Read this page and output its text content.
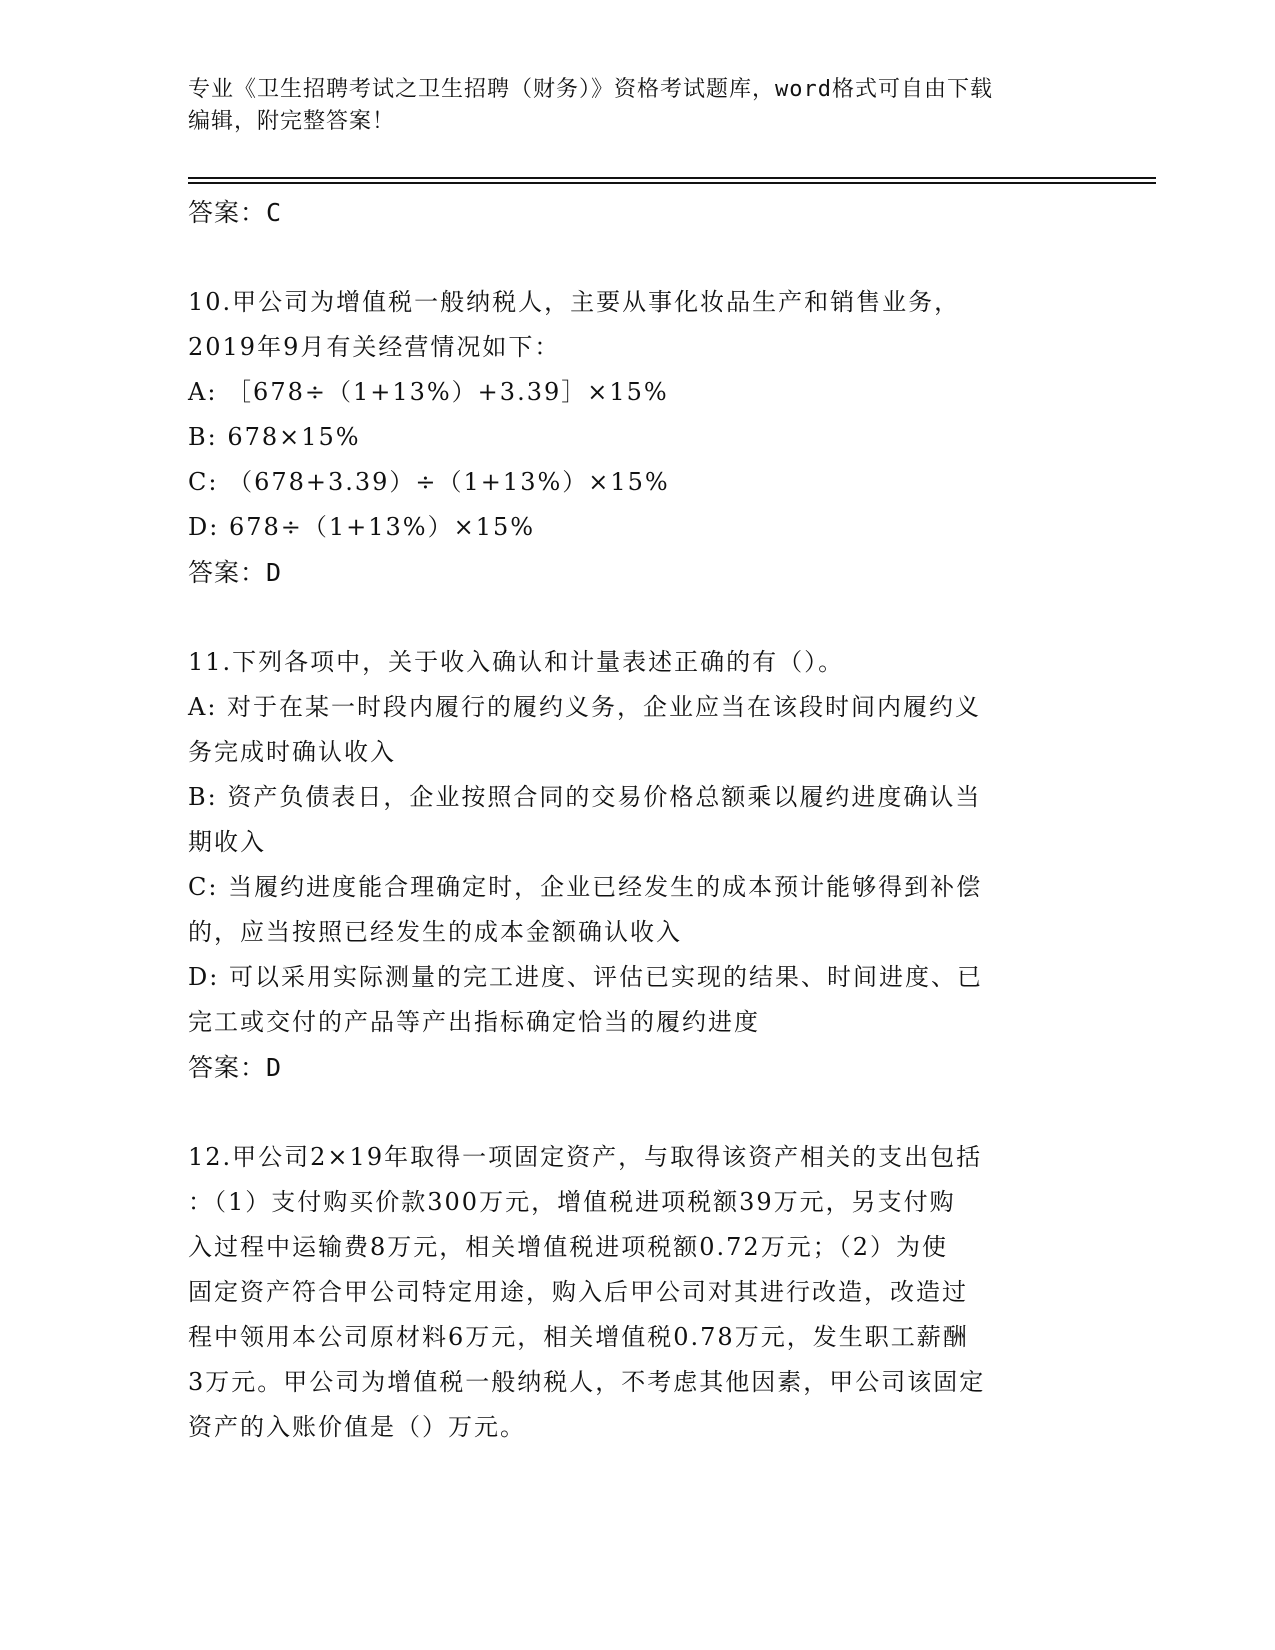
专业《卫生招聘考试之卫生招聘（财务）》资格考试题库，word格式可自由下载
编辑，附完整答案！
答案：C
10.甲公司为增值税一般纳税人，主要从事化妆品生产和销售业务，
2019年9月有关经营情况如下：
A: ［678÷（1+13%）+3.39］×15%
B: 678×15%
C: （678+3.39）÷（1+13%）×15%
D: 678÷（1+13%）×15%
答案：D
11.下列各项中，关于收入确认和计量表述正确的有（）。
A: 对于在某一时段内履行的履约义务，企业应当在该段时间内履约义
务完成时确认收入
B: 资产负债表日，企业按照合同的交易价格总额乘以履约进度确认当
期收入
C: 当履约进度能合理确定时，企业已经发生的成本预计能够得到补偿
的，应当按照已经发生的成本金额确认收入
D: 可以采用实际测量的完工进度、评估已实现的结果、时间进度、已
完工或交付的产品等产出指标确定恰当的履约进度
答案：D
12.甲公司2×19年取得一项固定资产，与取得该资产相关的支出包括
：（1）支付购买价款300万元，增值税进项税额39万元，另支付购
入过程中运输费8万元，相关增值税进项税额0.72万元；（2）为使
固定资产符合甲公司特定用途，购入后甲公司对其进行改造，改造过
程中领用本公司原材料6万元，相关增值税0.78万元，发生职工薪酬
3万元。甲公司为增值税一般纳税人，不考虑其他因素，甲公司该固定
资产的入账价值是（）万元。
